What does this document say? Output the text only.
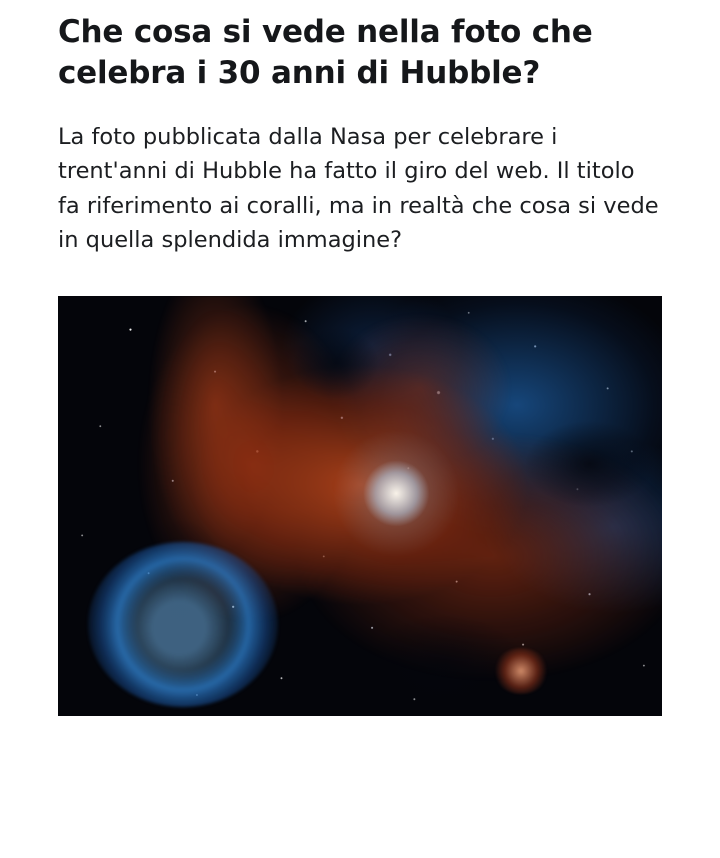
Che cosa si vede nella foto che celebra i 30 anni di Hubble?

La foto pubblicata dalla Nasa per celebrare i trent'anni di Hubble ha fatto il giro del web. Il titolo fa riferimento ai coralli, ma in realtà che cosa si vede in quella splendida immagine?
